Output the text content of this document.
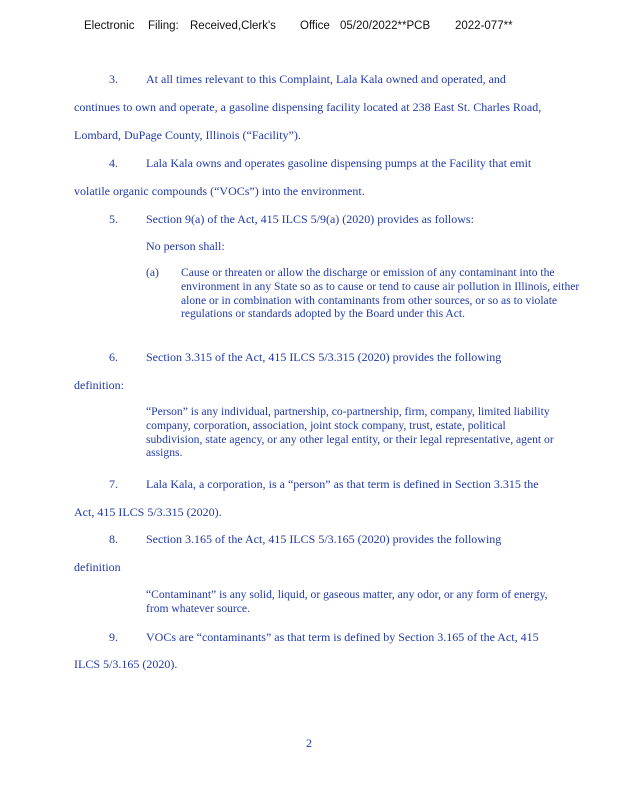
Electronic Filing: Received,Clerk's Office 05/20/2022**PCB 2022-077**
3. At all times relevant to this Complaint, Lala Kala owned and operated, and
continues to own and operate, a gasoline dispensing facility located at 238 East St. Charles Road,
Lombard, DuPage County, Illinois (“Facility”).
4. Lala Kala owns and operates gasoline dispensing pumps at the Facility that emit
volatile organic compounds (“VOCs”) into the environment.
5. Section 9(a) of the Act, 415 ILCS 5/9(a) (2020) provides as follows:
No person shall:
(a) Cause or threaten or allow the discharge or emission of any contaminant into the environment in any State so as to cause or tend to cause air pollution in Illinois, either alone or in combination with contaminants from other sources, or so as to violate regulations or standards adopted by the Board under this Act.
6. Section 3.315 of the Act, 415 ILCS 5/3.315 (2020) provides the following
definition:
“Person” is any individual, partnership, co-partnership, firm, company, limited liability company, corporation, association, joint stock company, trust, estate, political subdivision, state agency, or any other legal entity, or their legal representative, agent or assigns.
7. Lala Kala, a corporation, is a “person” as that term is defined in Section 3.315 the
Act, 415 ILCS 5/3.315 (2020).
8. Section 3.165 of the Act, 415 ILCS 5/3.165 (2020) provides the following
definition
“Contaminant” is any solid, liquid, or gaseous matter, any odor, or any form of energy, from whatever source.
9. VOCs are “contaminants” as that term is defined by Section 3.165 of the Act, 415
ILCS 5/3.165 (2020).
2
